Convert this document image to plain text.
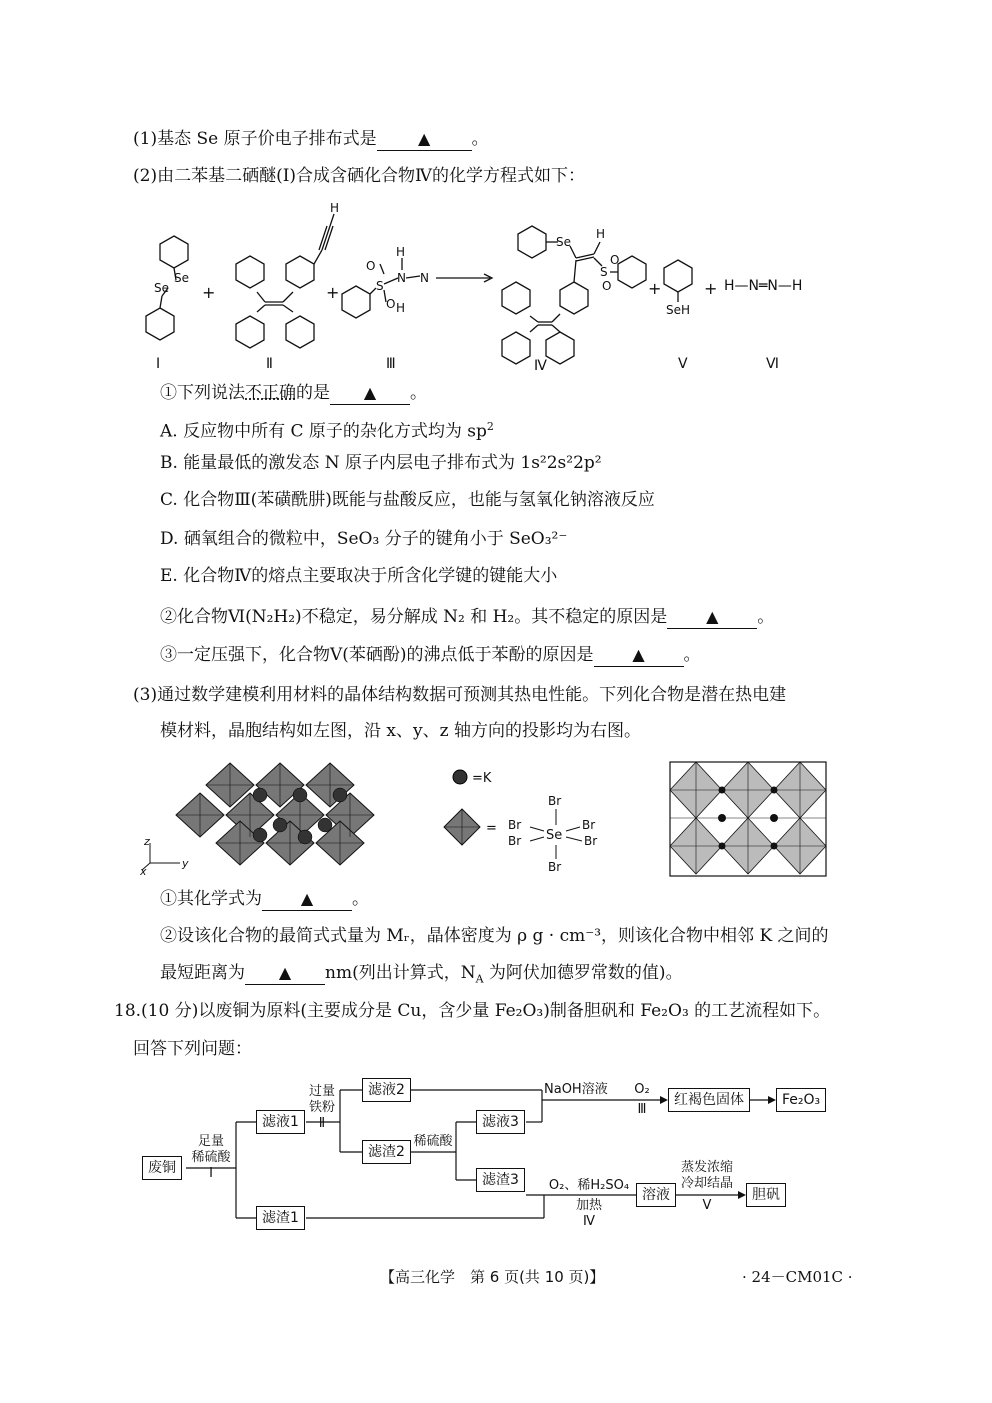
(1)基态 Se 原子价电子排布式是	▲ 。
(2)由二苯基二硒醚(Ⅰ)合成含硒化合物Ⅳ的化学方程式如下：
Se
Se
H
S
O
O
N
H
N
H
Se
H
S
O
O
SeH
H—N═N—H
+	+	+	+
Ⅰ	Ⅱ	Ⅲ	Ⅳ	Ⅴ	Ⅵ
①下列说法不正确的是 ▲ 。
A. 反应物中所有 C 原子的杂化方式均为 $sp^2$
B. 能量最低的激发态 N 原子内层电子排布式为 1s²2s²2p²
C. 化合物Ⅲ(苯磺酰肼)既能与盐酸反应，也能与氢氧化钠溶液反应
D. 硒氧组合的微粒中，SeO₃ 分子的键角小于 SeO₃²⁻
E. 化合物Ⅳ的熔点主要取决于所含化学键的键能大小
②化合物Ⅵ(N₂H₂)不稳定，易分解成 N₂ 和 H₂。其不稳定的原因是 ▲ 。
③一定压强下，化合物Ⅴ(苯硒酚)的沸点低于苯酚的原因是 ▲ 。
(3)通过数学建模利用材料的晶体结构数据可预测其热电性能。下列化合物是潜在热电建
模材料，晶胞结构如左图，沿 x、y、z 轴方向的投影均为右图。
z
y
x
=K
=
Br
Br
Br
Br
Br
Br
Se
①其化学式为 ▲ 。
②设该化合物的最简式式量为 Mᵣ，晶体密度为 ρ g · cm⁻³，则该化合物中相邻 K 之间的
最短距离为 ▲ nm(列出计算式，$N_A$ 为阿伏加德罗常数的值)。
18.(10 分)以废铜为原料(主要成分是 Cu，含少量 Fe₂O₃)制备胆矾和 Fe₂O₃ 的工艺流程如下。
回答下列问题：
废铜
足量
稀硫酸
Ⅰ
滤液1
滤渣1
过量
铁粉
Ⅱ
滤液2
滤渣2
稀硫酸
滤液3
滤渣3
NaOH溶液	O₂
Ⅲ
红褐色固体	Fe₂O₃
O₂、稀H₂SO₄
加热
Ⅳ
溶液
蒸发浓缩
冷却结晶
Ⅴ
胆矾
【高三化学　第 6 页(共 10 页)】	· 24－CM01C ·
